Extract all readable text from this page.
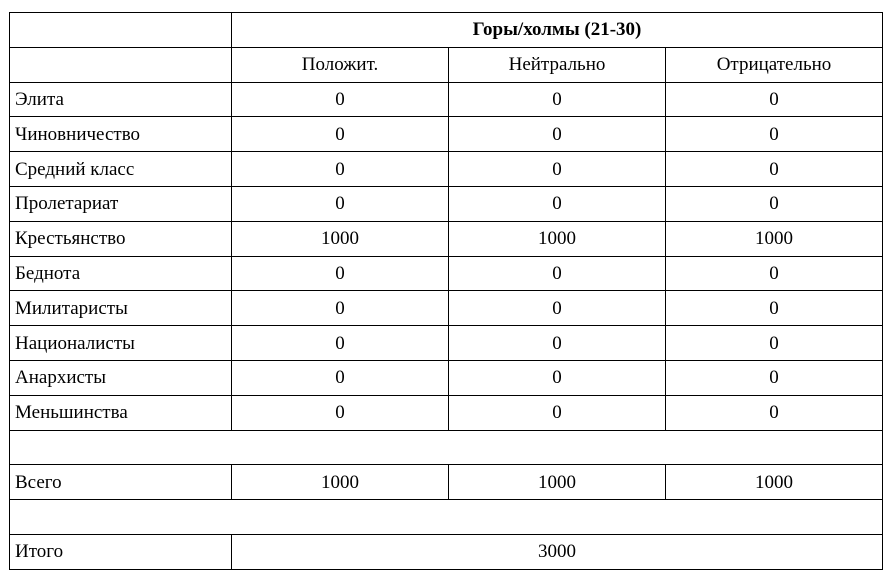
	Горы/холмы (21-30)		
	Положит.	Нейтрально	Отрицательно
Элита	0	0	0
Чиновничество	0	0	0
Средний класс	0	0	0
Пролетариат	0	0	0
Крестьянство	1000	1000	1000
Беднота	0	0	0
Милитаристы	0	0	0
Националисты	0	0	0
Анархисты	0	0	0
Меньшинства	0	0	0

Всего	1000	1000	1000

Итого	3000		
